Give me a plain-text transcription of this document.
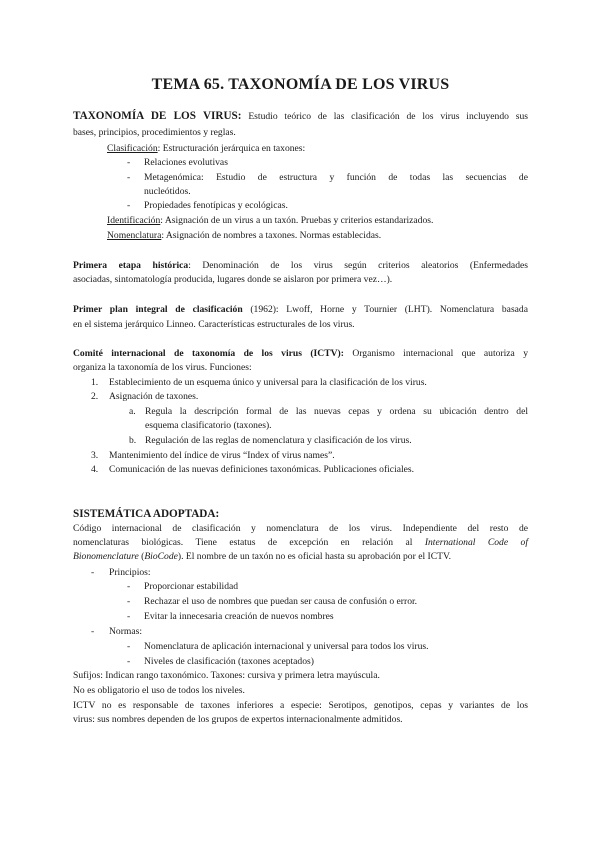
TEMA 65. TAXONOMÍA DE LOS VIRUS
TAXONOMÍA DE LOS VIRUS: Estudio teórico de las clasificación de los virus incluyendo sus
bases, principios, procedimientos y reglas.
Clasificación: Estructuración jerárquica en taxones:
- Relaciones evolutivas
- Metagenómica: Estudio de estructura y función de todas las secuencias de
nucleótidos.
- Propiedades fenotípicas y ecológicas.
Identificación: Asignación de un virus a un taxón. Pruebas y criterios estandarizados.
Nomenclatura: Asignación de nombres a taxones. Normas establecidas.
Primera etapa histórica: Denominación de los virus según criterios aleatorios (Enfermedades
asociadas, sintomatología producida, lugares donde se aislaron por primera vez…).
Primer plan integral de clasificación (1962): Lwoff, Horne y Tournier (LHT). Nomenclatura basada
en el sistema jerárquico Linneo. Características estructurales de los virus.
Comité internacional de taxonomía de los virus (ICTV): Organismo internacional que autoriza y
organiza la taxonomía de los virus. Funciones:
1. Establecimiento de un esquema único y universal para la clasificación de los virus.
2. Asignación de taxones.
a. Regula la descripción formal de las nuevas cepas y ordena su ubicación dentro del
esquema clasificatorio (taxones).
b. Regulación de las reglas de nomenclatura y clasificación de los virus.
3. Mantenimiento del índice de virus “Index of virus names”.
4. Comunicación de las nuevas definiciones taxonómicas. Publicaciones oficiales.
SISTEMÁTICA ADOPTADA:
Código internacional de clasificación y nomenclatura de los virus. Independiente del resto de
nomenclaturas biológicas. Tiene estatus de excepción en relación al International Code of
Bionomenclature (BioCode). El nombre de un taxón no es oficial hasta su aprobación por el ICTV.
- Principios:
- Proporcionar estabilidad
- Rechazar el uso de nombres que puedan ser causa de confusión o error.
- Evitar la innecesaria creación de nuevos nombres
- Normas:
- Nomenclatura de aplicación internacional y universal para todos los virus.
- Niveles de clasificación (taxones aceptados)
Sufijos: Indican rango taxonómico. Taxones: cursiva y primera letra mayúscula.
No es obligatorio el uso de todos los niveles.
ICTV no es responsable de taxones inferiores a especie: Serotipos, genotipos, cepas y variantes de los
virus: sus nombres dependen de los grupos de expertos internacionalmente admitidos.
